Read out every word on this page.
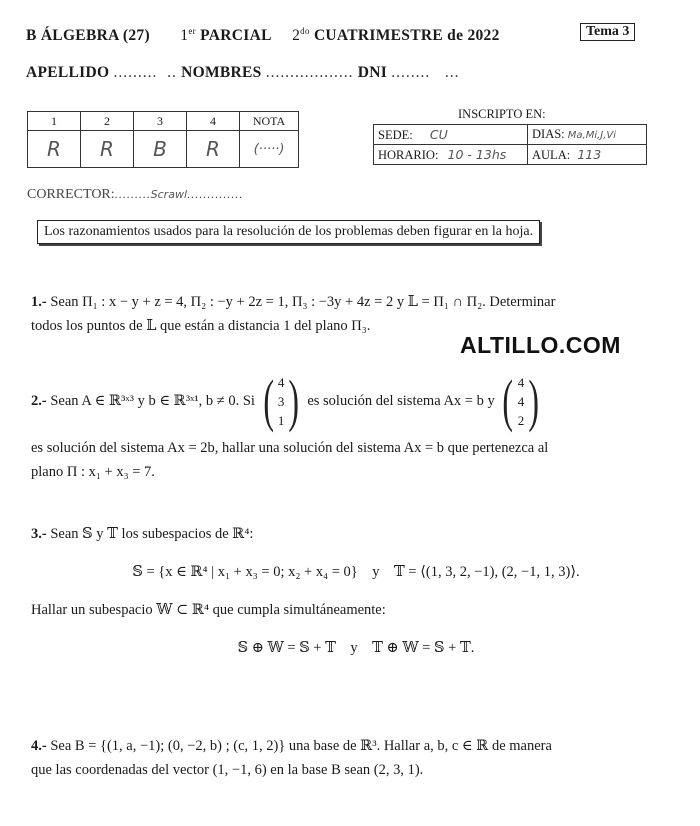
B ÁLGEBRA (27) 1er PARCIAL $2^{do}$ CUATRIMESTRE de 2022	Tema 3
APELLIDO .........  .. NOMBRES .................. DNI ........   ...
1	2	3	4	NOTA
R	R	B	R	(·····)
INSCRIPTO EN:
SEDE: CU	DIAS: Ma,Mi,J,Vi
HORARIO: 10 - 13hs	AULA: 113
CORRECTOR:.........Scrawl..............
Los razonamientos usados para la resolución de los problemas deben figurar en la hoja.
1.- Sean Π₁ : x − y + z = 4, Π₂ : −y + 2z = 1, Π₃ : −3y + 4z = 2 y 𝕃 = Π₁ ∩ Π₂. Determinar
todos los puntos de 𝕃 que están a distancia 1 del plano Π₃.
ALTILLO.COM
2.-
Sean A ∈ ℝ³ˣ³ y b ∈ ℝ³ˣ¹, b ≠ 0. Si
( 4
3
1 )
es solución del sistema Ax = b y
( 4
4
2 )
es solución del sistema Ax = 2b, hallar una solución del sistema Ax = b que pertenezca al
plano Π : x₁ + x₃ = 7.
3.- Sean 𝕊 y 𝕋 los subespacios de ℝ⁴:
𝕊 = {x ∈ ℝ⁴ | x₁ + x₃ = 0; x₂ + x₄ = 0}    y    𝕋 = ⟨(1, 3, 2, −1), (2, −1, 1, 3)⟩.
Hallar un subespacio 𝕎 ⊂ ℝ⁴ que cumpla simultáneamente:
𝕊 ⊕ 𝕎 = 𝕊 + 𝕋    y    𝕋 ⊕ 𝕎 = 𝕊 + 𝕋.
4.- Sea B = {(1, a, −1); (0, −2, b) ; (c, 1, 2)} una base de ℝ³. Hallar a, b, c ∈ ℝ de manera
que las coordenadas del vector (1, −1, 6) en la base B sean (2, 3, 1).
